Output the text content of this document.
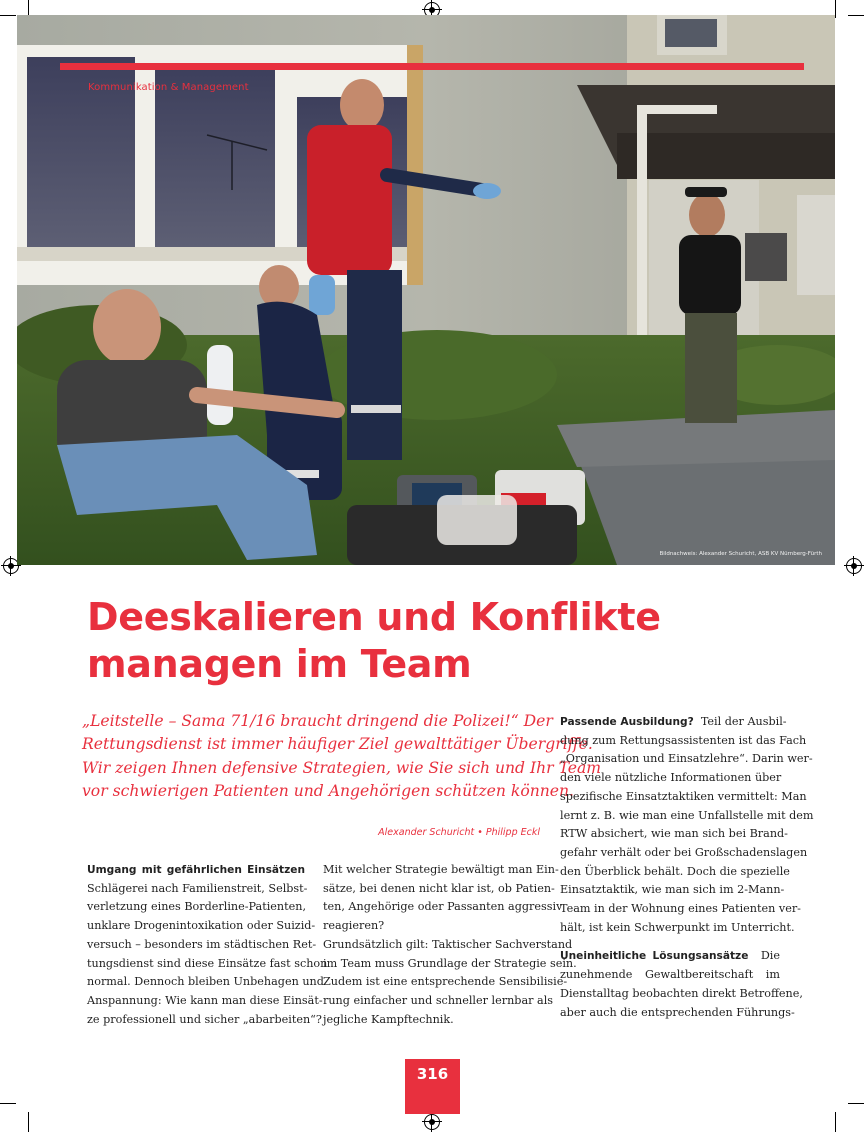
Kommunikation & Management
Bildnachweis: Alexander Schuricht, ASB KV Nürnberg-Fürth
Deeskalieren und Konflikte
managen im Team
„Leitstelle – Sama 71/16 braucht dringend die Polizei!“ Der
Rettungsdienst ist immer häufiger Ziel gewalttätiger Übergriffe.
Wir zeigen Ihnen defensive Strategien, wie Sie sich und Ihr Team
vor schwierigen Patienten und Angehörigen schützen können.
Alexander Schuricht • Philipp Eckl
Umgang mit gefährlichen Einsätzen
Schlägerei nach Familienstreit, Selbst-
verletzung eines Borderline-Patienten,
unklare Drogenintoxikation oder Suizid-
versuch – besonders im städtischen Ret-
tungsdienst sind diese Einsätze fast schon
normal. Dennoch bleiben Unbehagen und
Anspannung: Wie kann man diese Einsät-
ze professionell und sicher „abarbeiten“?
Mit welcher Strategie bewältigt man Ein-
sätze, bei denen nicht klar ist, ob Patien-
ten, Angehörige oder Passanten aggressiv
reagieren?
Grundsätzlich gilt: Taktischer Sachverstand
im Team muss Grundlage der Strategie sein.
Zudem ist eine entsprechende Sensibilisie-
rung einfacher und schneller lernbar als
jegliche Kampftechnik.
Passende Ausbildung? Teil der Ausbil-
dung zum Rettungsassistenten ist das Fach
„Organisation und Einsatzlehre“. Darin wer-
den viele nützliche Informationen über
spezifische Einsatztaktiken vermittelt: Man
lernt z. B. wie man eine Unfallstelle mit dem
RTW absichert, wie man sich bei Brand-
gefahr verhält oder bei Großschadenslagen
den Überblick behält. Doch die spezielle
Einsatztaktik, wie man sich im 2-Mann-
Team in der Wohnung eines Patienten ver-
hält, ist kein Schwerpunkt im Unterricht.
Uneinheitliche Lösungsansätze Die
zunehmende Gewaltbereitschaft im
Dienstalltag beobachten direkt Betroffene,
aber auch die entsprechenden Führungs-
316
